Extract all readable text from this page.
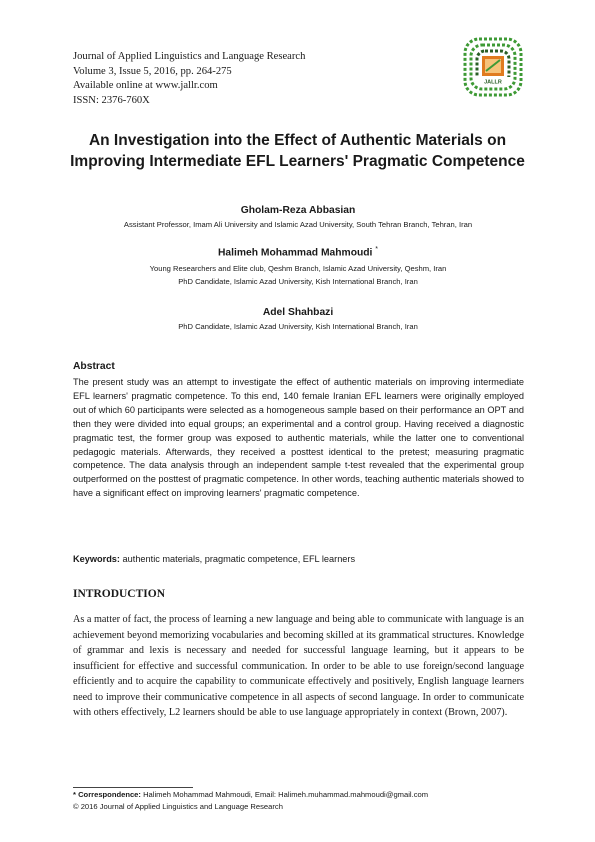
Journal of Applied Linguistics and Language Research
Volume 3, Issue 5, 2016, pp. 264-275
Available online at www.jallr.com
ISSN: 2376-760X
JALLR
An Investigation into the Effect of Authentic Materials on
Improving Intermediate EFL Learners' Pragmatic Competence
Gholam-Reza Abbasian
Assistant Professor, Imam Ali University and Islamic Azad University, South Tehran Branch, Tehran, Iran
Halimeh Mohammad Mahmoudi *
Young Researchers and Elite club, Qeshm Branch, Islamic Azad University, Qeshm, Iran
PhD Candidate, Islamic Azad University, Kish International Branch, Iran
Adel Shahbazi
PhD Candidate, Islamic Azad University, Kish International Branch, Iran
Abstract

The present study was an attempt to investigate the effect of authentic materials on improving intermediate EFL learners' pragmatic competence. To this end, 140 female Iranian EFL learners were originally employed out of which 60 participants were selected as a homogeneous sample based on their performance an OPT and then they were divided into equal groups; an experimental and a control group. Having received a diagnostic pragmatic test, the former group was exposed to authentic materials, while the latter one to conventional pedagogic materials. Afterwards, they received a posttest identical to the pretest; measuring pragmatic competence. The data analysis through an independent sample t-test revealed that the experimental group outperformed on the posttest of pragmatic competence. In other words, teaching authentic materials showed to have a significant effect on improving learners' pragmatic competence.

Keywords: authentic materials, pragmatic competence, EFL learners
INTRODUCTION

As a matter of fact, the process of learning a new language and being able to communicate with language is an achievement beyond memorizing vocabularies and becoming skilled at its grammatical structures. Knowledge of grammar and lexis is necessary and needed for successful language learning, but it appears to be insufficient for effective and successful communication. In order to be able to use foreign/second language efficiently and to acquire the capability to communicate effectively and positively, English language learners need to improve their communicative competence in all aspects of second language. In order to communicate with others effectively, L2 learners should be able to use language appropriately in context (Brown, 2007).

* Correspondence: Halimeh Mohammad Mahmoudi, Email: Halimeh.muhammad.mahmoudi@gmail.com
© 2016 Journal of Applied Linguistics and Language Research
